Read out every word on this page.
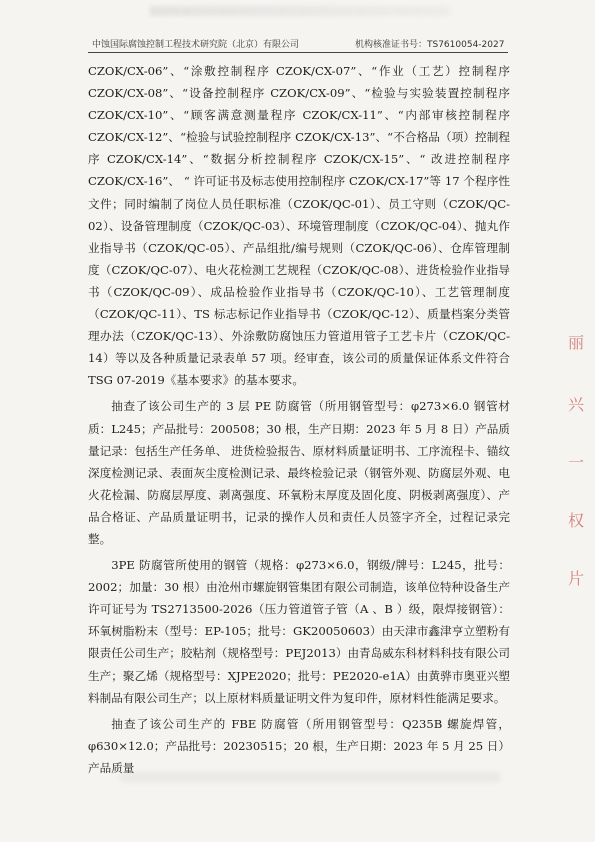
中蚀国际腐蚀控制工程技术研究院（北京）有限公司	机构核准证书号：TS7610054-2027

CZOK/CX-06”、“涂敷控制程序 CZOK/CX-07”、“作业（工艺）控制程序 CZOK/CX-08”、“设备控制程序 CZOK/CX-09”、“检验与实验装置控制程序 CZOK/CX-10”、“顾客满意测量程序 CZOK/CX-11”、“内部审核控制程序 CZOK/CX-12”、“检验与试验控制程序 CZOK/CX-13”、“不合格品（项）控制程序 CZOK/CX-14”、“数据分析控制程序 CZOK/CX-15”、“ 改进控制程序 CZOK/CX-16”、 “ 许可证书及标志使用控制程序 CZOK/CX-17”等 17 个程序性文件；同时编制了岗位人员任职标准（CZOK/QC-01）、员工守则（CZOK/QC-02）、设备管理制度（CZOK/QC-03）、环境管理制度（CZOK/QC-04）、抛丸作业指导书（CZOK/QC-05）、产品组批/编号规则（CZOK/QC-06）、仓库管理制度（CZOK/QC-07）、电火花检测工艺规程（CZOK/QC-08）、进货检验作业指导书（CZOK/QC-09）、成品检验作业指导书（CZOK/QC-10）、工艺管理制度（CZOK/QC-11）、TS 标志标记作业指导书（CZOK/QC-12）、质量档案分类管理办法（CZOK/QC-13）、外涂敷防腐蚀压力管道用管子工艺卡片（CZOK/QC-14）等以及各种质量记录表单 57 项。经审查，该公司的质量保证体系文件符合 TSG 07-2019《基本要求》的基本要求。

抽查了该公司生产的 3 层 PE 防腐管（所用钢管型号：φ273×6.0 钢管材质：L245；产品批号：200508；30 根，生产日期：2023 年 5 月 8 日）产品质量记录：包括生产任务单、 进货检验报告、原材料质量证明书、工序流程卡、锚纹深度检测记录、表面灰尘度检测记录、最终检验记录（钢管外观、防腐层外观、电火花检漏、防腐层厚度、剥离强度、环氧粉末厚度及固化度、阴极剥离强度）、产品合格证、产品质量证明书，记录的操作人员和责任人员签字齐全，过程记录完整。

3PE 防腐管所使用的钢管（规格：φ273×6.0，钢级/牌号：L245，批号：2002；加量：30 根）由沧州市螺旋钢管集团有限公司制造，该单位特种设备生产许可证号为 TS2713500-2026（压力管道管子管（A 、B ）级，限焊接钢管）：环氧树脂粉末（型号：EP-105；批号：GK20050603）由天津市鑫津亨立塑粉有限责任公司生产；胶粘剂（规格型号：PEJ2013）由青岛威东科材料科技有限公司生产；聚乙烯（规格型号：XJPE2020；批号：PE2020-e1A）由黄骅市奥亚兴塑料制品有限公司生产；以上原材料质量证明文件为复印件，原材料性能满足要求。

抽查了该公司生产的 FBE 防腐管（所用钢管型号：Q235B 螺旋焊管，φ630×12.0；产品批号：20230515；20 根，生产日期：2023 年 5 月 25 日）产品质量

丽
兴
一
权
片
